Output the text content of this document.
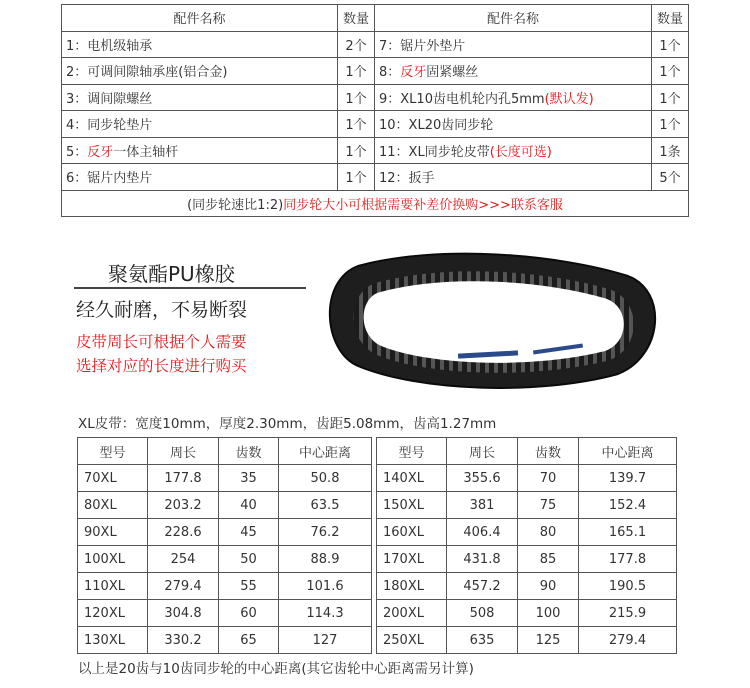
配件名称	数量	配件名称	数量
1：电机级轴承	2个	7：锯片外垫片	1个
2：可调间隙轴承座(铝合金)	1个	8：反牙固紧螺丝	1个
3：调间隙螺丝	1个	9：XL10齿电机轮内孔5mm(默认发)	1个
4：同步轮垫片	1个	10：XL20齿同步轮	1个
5：反牙一体主轴杆	1个	11：XL同步轮皮带(长度可选)	1条
6：锯片内垫片	1个	12：扳手	5个
(同步轮速比1:2)同步轮大小可根据需要补差价换购>>>联系客服			
聚氨酯PU橡胶
经久耐磨，不易断裂
皮带周长可根据个人需要
选择对应的长度进行购买
XL皮带：宽度10mm，厚度2.30mm，齿距5.08mm，齿高1.27mm
型号	周长	齿数	中心距离
70XL	177.8	35	50.8
80XL	203.2	40	63.5
90XL	228.6	45	76.2
100XL	254	50	88.9
110XL	279.4	55	101.6
120XL	304.8	60	114.3
130XL	330.2	65	127
型号	周长	齿数	中心距离
140XL	355.6	70	139.7
150XL	381	75	152.4
160XL	406.4	80	165.1
170XL	431.8	85	177.8
180XL	457.2	90	190.5
200XL	508	100	215.9
250XL	635	125	279.4
以上是20齿与10齿同步轮的中心距离(其它齿轮中心距离需另计算)
